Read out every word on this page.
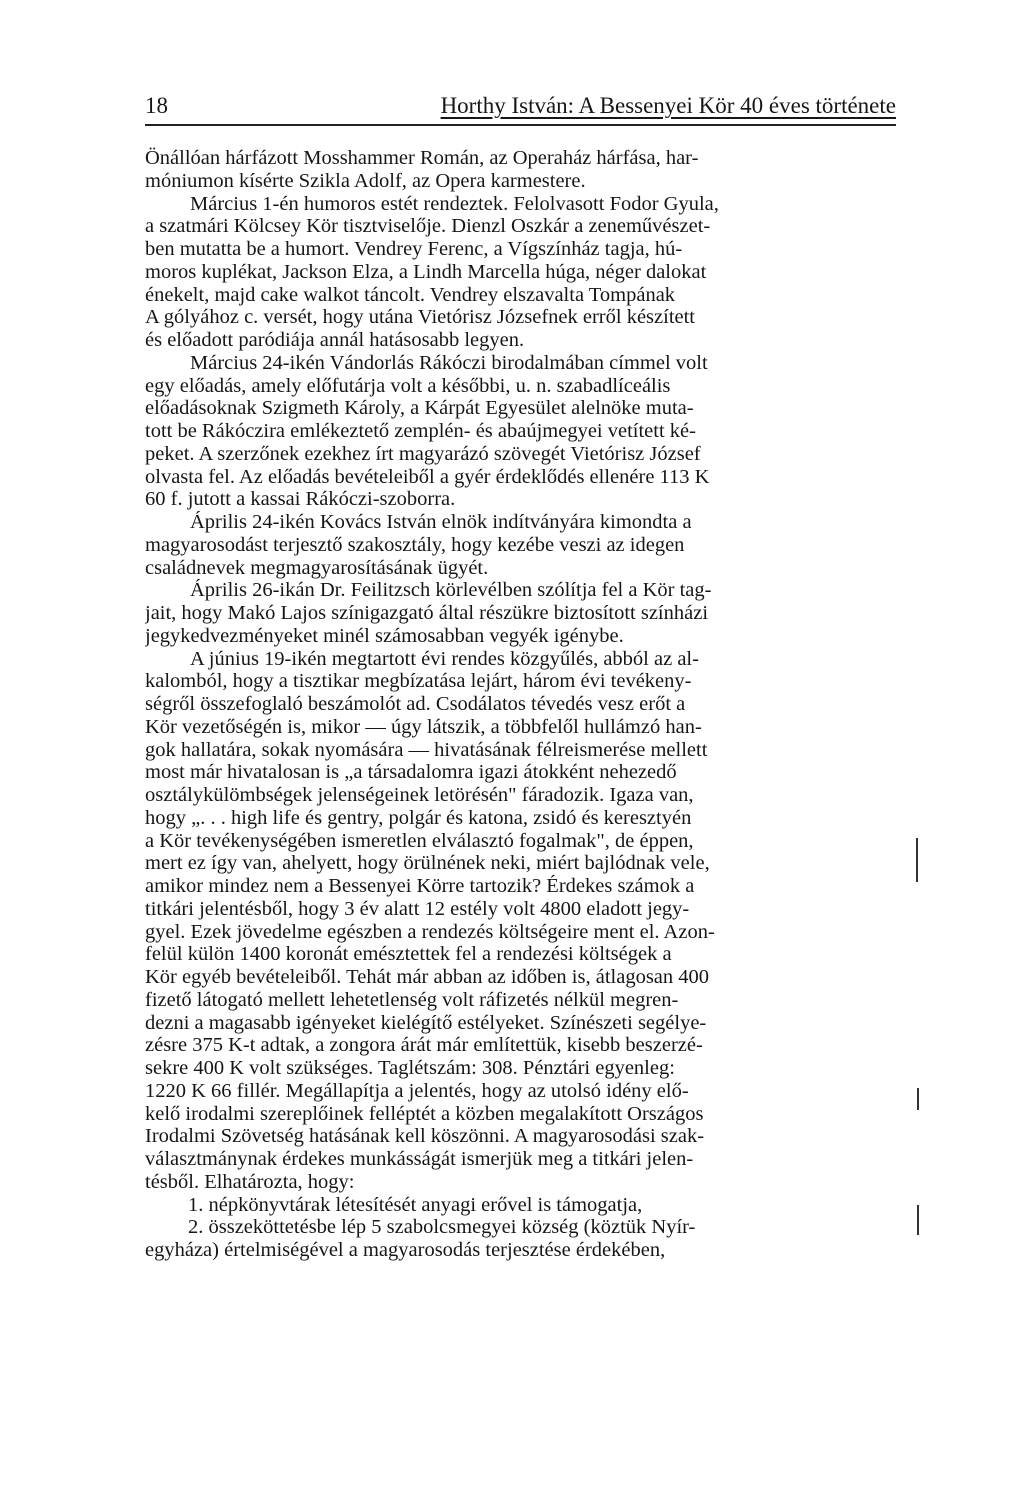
18	Horthy István: A Bessenyei Kör 40 éves története
Önállóan hárfázott Mosshammer Román, az Operaház hárfása, har-
móniumon kísérte Szikla Adolf, az Opera karmestere.
Március 1-én humoros estét rendeztek. Felolvasott Fodor Gyula,
a szatmári Kölcsey Kör tisztviselője. Dienzl Oszkár a zeneművészet-
ben mutatta be a humort. Vendrey Ferenc, a Vígszínház tagja, hú-
moros kuplékat, Jackson Elza, a Lindh Marcella húga, néger dalokat
énekelt, majd cake walkot táncolt. Vendrey elszavalta Tompának
A gólyához c. versét, hogy utána Vietórisz Józsefnek erről készített
és előadott paródiája annál hatásosabb legyen.
Március 24-ikén Vándorlás Rákóczi birodalmában címmel volt
egy előadás, amely előfutárja volt a későbbi, u. n. szabadlíceális
előadásoknak Szigmeth Károly, a Kárpát Egyesület alelnöke muta-
tott be Rákóczira emlékeztető zemplén- és abaújmegyei vetített ké-
peket. A szerzőnek ezekhez írt magyarázó szövegét Vietórisz József
olvasta fel. Az előadás bevételeiből a gyér érdeklődés ellenére 113 K
60 f. jutott a kassai Rákóczi-szoborra.
Április 24-ikén Kovács István elnök indítványára kimondta a
magyarosodást terjesztő szakosztály, hogy kezébe veszi az idegen
családnevek megmagyarosításának ügyét.
Április 26-ikán Dr. Feilitzsch körlevélben szólítja fel a Kör tag-
jait, hogy Makó Lajos színigazgató által részükre biztosított színházi
jegykedvezményeket minél számosabban vegyék igénybe.
A június 19-ikén megtartott évi rendes közgyűlés, abból az al-
kalomból, hogy a tisztikar megbízatása lejárt, három évi tevékeny-
ségről összefoglaló beszámolót ad. Csodálatos tévedés vesz erőt a
Kör vezetőségén is, mikor — úgy látszik, a többfelől hullámzó han-
gok hallatára, sokak nyomására — hivatásának félreismerése mellett
most már hivatalosan is „a társadalomra igazi átokként nehezedő
osztálykülömbségek jelenségeinek letörésén" fáradozik. Igaza van,
hogy „. . . high life és gentry, polgár és katona, zsidó és keresztyén
a Kör tevékenységében ismeretlen elválasztó fogalmak", de éppen,
mert ez így van, ahelyett, hogy örülnének neki, miért bajlódnak vele,
amikor mindez nem a Bessenyei Körre tartozik? Érdekes számok a
titkári jelentésből, hogy 3 év alatt 12 estély volt 4800 eladott jegy-
gyel. Ezek jövedelme egészben a rendezés költségeire ment el. Azon-
felül külön 1400 koronát emésztettek fel a rendezési költségek a
Kör egyéb bevételeiből. Tehát már abban az időben is, átlagosan 400
fizető látogató mellett lehetetlenség volt ráfizetés nélkül megren-
dezni a magasabb igényeket kielégítő estélyeket. Színészeti segélye-
zésre 375 K-t adtak, a zongora árát már említettük, kisebb beszerzé-
sekre 400 K volt szükséges. Taglétszám: 308. Pénztári egyenleg:
1220 K 66 fillér. Megállapítja a jelentés, hogy az utolsó idény elő-
kelő irodalmi szereplőinek felléptét a közben megalakított Országos
Irodalmi Szövetség hatásának kell köszönni. A magyarosodási szak-
választmánynak érdekes munkásságát ismerjük meg a titkári jelen-
tésből. Elhatározta, hogy:
1. népkönyvtárak létesítését anyagi erővel is támogatja,
2. összeköttetésbe lép 5 szabolcsmegyei község (köztük Nyír-
egyháza) értelmiségével a magyarosodás terjesztése érdekében,
